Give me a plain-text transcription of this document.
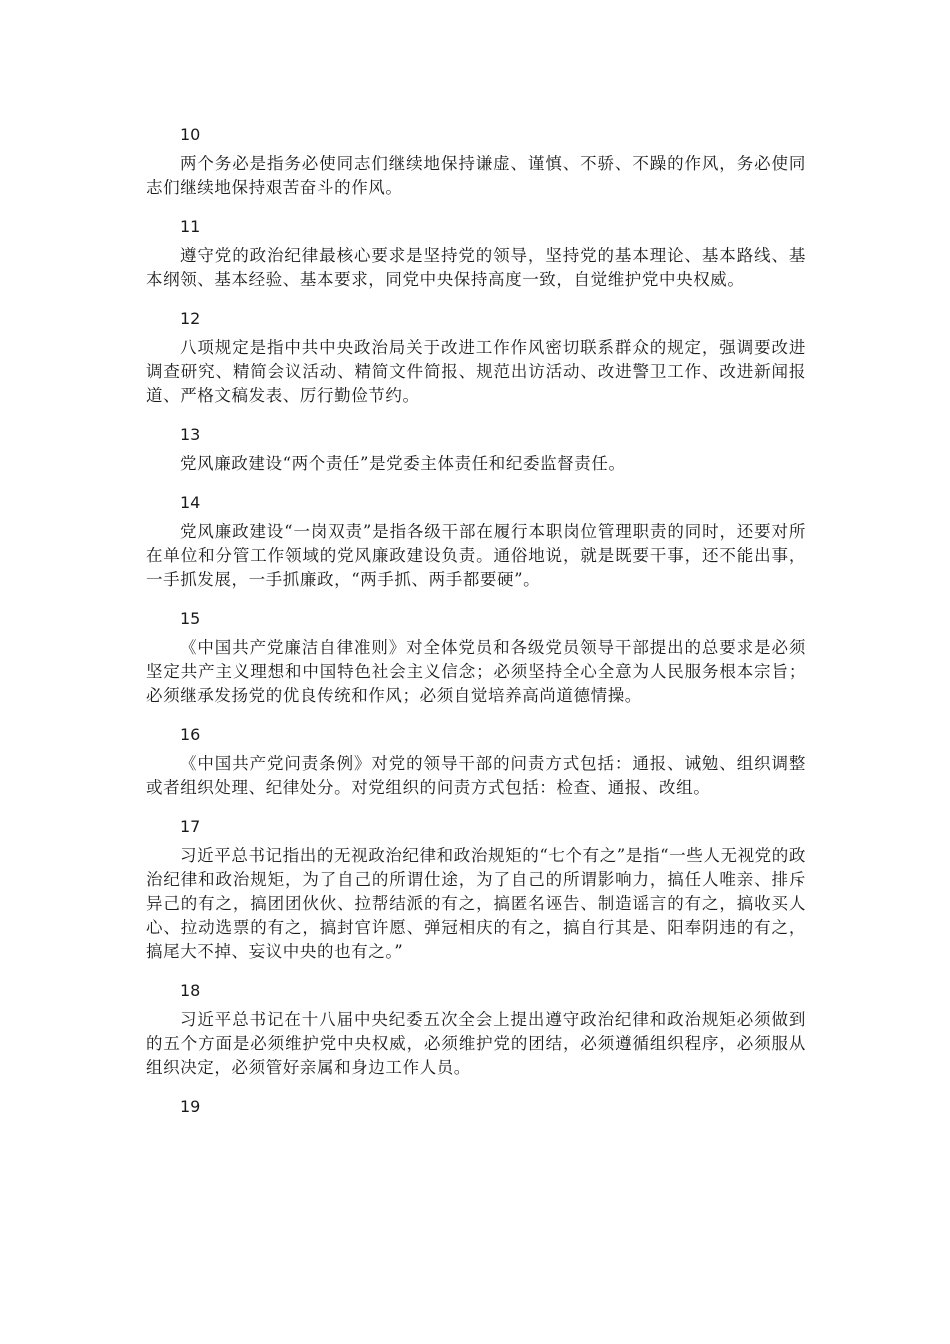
10

两个务必是指务必使同志们继续地保持谦虚、谨慎、不骄、不躁的作风，务必使同志们继续地保持艰苦奋斗的作风。

11

遵守党的政治纪律最核心要求是坚持党的领导，坚持党的基本理论、基本路线、基本纲领、基本经验、基本要求，同党中央保持高度一致，自觉维护党中央权威。

12

八项规定是指中共中央政治局关于改进工作作风密切联系群众的规定，强调要改进调查研究、精简会议活动、精简文件简报、规范出访活动、改进警卫工作、改进新闻报道、严格文稿发表、厉行勤俭节约。

13

党风廉政建设“两个责任”是党委主体责任和纪委监督责任。

14

党风廉政建设“一岗双责”是指各级干部在履行本职岗位管理职责的同时，还要对所在单位和分管工作领域的党风廉政建设负责。通俗地说，就是既要干事，还不能出事，一手抓发展，一手抓廉政，“两手抓、两手都要硬”。

15

《中国共产党廉洁自律准则》对全体党员和各级党员领导干部提出的总要求是必须坚定共产主义理想和中国特色社会主义信念；必须坚持全心全意为人民服务根本宗旨；必须继承发扬党的优良传统和作风；必须自觉培养高尚道德情操。

16

《中国共产党问责条例》对党的领导干部的问责方式包括：通报、诫勉、组织调整或者组织处理、纪律处分。对党组织的问责方式包括：检查、通报、改组。

17

习近平总书记指出的无视政治纪律和政治规矩的“七个有之”是指“一些人无视党的政治纪律和政治规矩，为了自己的所谓仕途，为了自己的所谓影响力，搞任人唯亲、排斥异己的有之，搞团团伙伙、拉帮结派的有之，搞匿名诬告、制造谣言的有之，搞收买人心、拉动选票的有之，搞封官许愿、弹冠相庆的有之，搞自行其是、阳奉阴违的有之，搞尾大不掉、妄议中央的也有之。”

18

习近平总书记在十八届中央纪委五次全会上提出遵守政治纪律和政治规矩必须做到的五个方面是必须维护党中央权威，必须维护党的团结，必须遵循组织程序，必须服从组织决定，必须管好亲属和身边工作人员。

19
